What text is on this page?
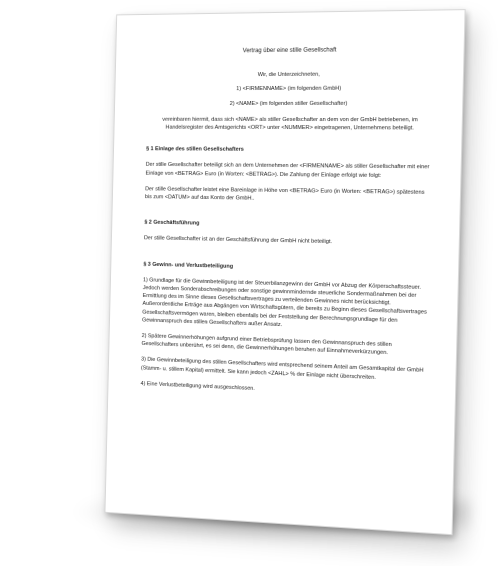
Vertrag über eine stille Gesellschaft
Wir, die Unterzeichneten,
1) <FIRMENNAME> (im folgenden GmbH)
2) <NAME> (im folgenden stiller Gesellschafter)
vereinbaren hiermit, dass sich <NAME> als stiller Gesellschafter an dem von der GmbH betriebenen, im Handelsregister des Amtsgerichts <ORT> unter <NUMMER> eingetragenen, Unternehmens beteiligt.
§ 1 Einlage des stillen Gesellschafters
Der stille Gesellschafter beteiligt sich an dem Unternehmen der <FIRMENNAME> als stiller Gesellschafter mit einer Einlage von <BETRAG> Euro (in Worten: <BETRAG>). Die Zahlung der Einlage erfolgt wie folgt:
Der stille Gesellschafter leistet eine Bareinlage in Höhe von <BETRAG> Euro (in Worten: <BETRAG>) spätestens bis zum <DATUM> auf das Konto der GmbH..
§ 2 Geschäftsführung
Der stille Gesellschafter ist an der Geschäftsführung der GmbH nicht beteiligt.
§ 3 Gewinn- und Verlustbeteiligung
1) Grundlage für die Gewinnbeteiligung ist der Steuerbilanzgewinn der GmbH vor Abzug der Körperschaftssteuer. Jedoch werden Sonderabschreibungen oder sonstige gewinnmindernde steuerliche Sondermaßnahmen bei der Ermittlung des im Sinne dieses Gesellschaftsvertrages zu verteilenden Gewinnes nicht berücksichtigt. Außerordentliche Erträge aus Abgängen von Wirtschaftsgütern, die bereits zu Beginn dieses Gesellschaftsvertrages Gesellschaftsvermögen waren, bleiben ebenfalls bei der Feststellung der Berechnungsgrundlage für den Gewinnanspruch des stillen Gesellschafters außer Ansatz.
2) Spätere Gewinnerhöhungen aufgrund einer Betriebsprüfung lassen den Gewinnanspruch des stillen Gesellschafters unberührt, es sei denn, die Gewinnerhöhungen beruhen auf Einnahmeverkürzungen.
3) Die Gewinnbeteiligung des stillen Gesellschafters wird entsprechend seinem Anteil am Gesamtkapital der GmbH (Stamm- u. stillem Kapital) ermittelt. Sie kann jedoch <ZAHL> % der Einlage nicht überschreiten.
4) Eine Verlustbeteiligung wird ausgeschlossen.
